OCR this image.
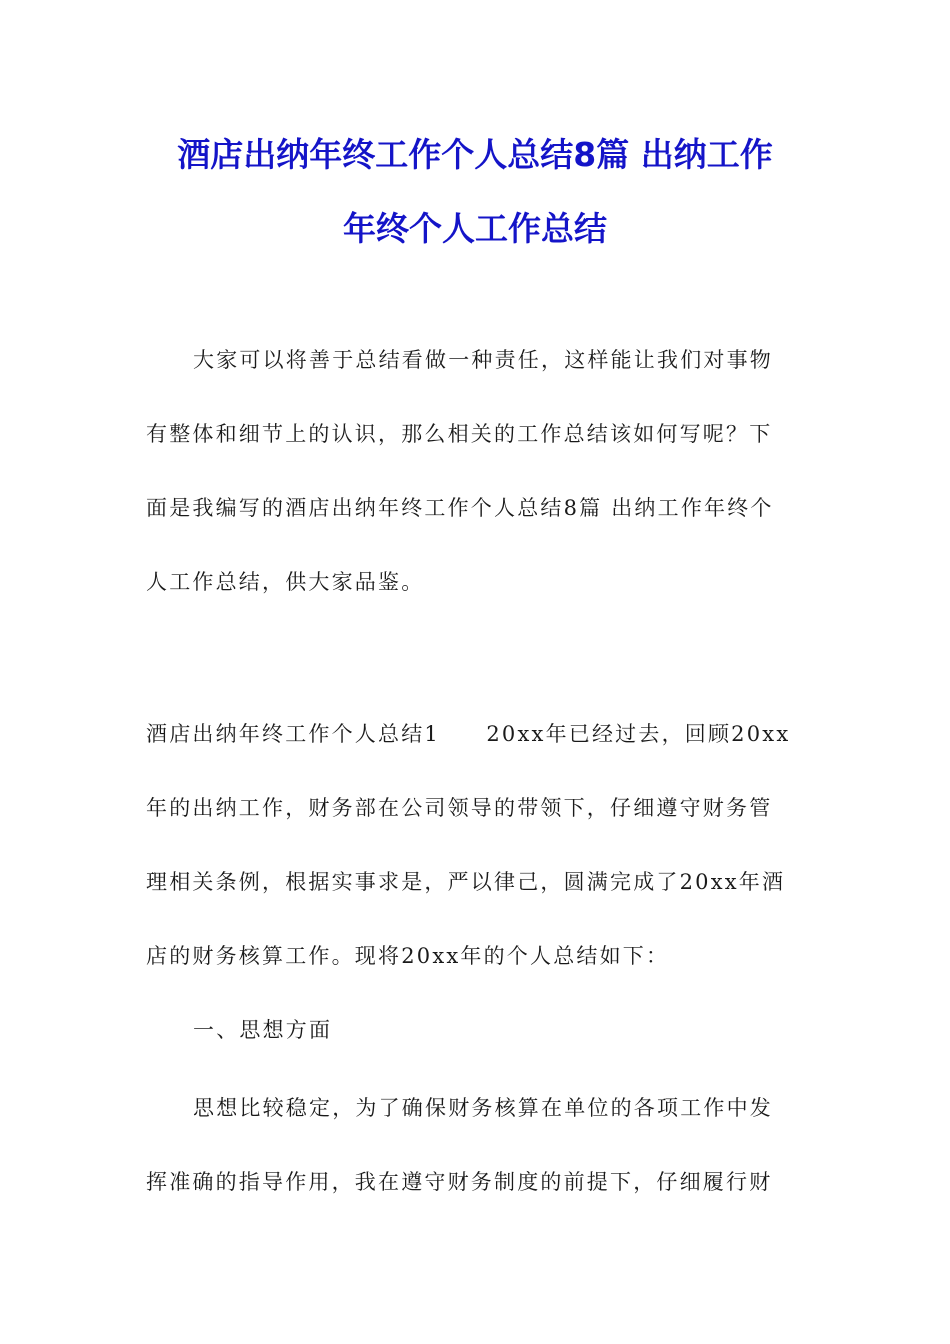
酒店出纳年终工作个人总结8篇 出纳工作
年终个人工作总结

大家可以将善于总结看做一种责任，这样能让我们对事物
有整体和细节上的认识，那么相关的工作总结该如何写呢？下
面是我编写的酒店出纳年终工作个人总结8篇 出纳工作年终个
人工作总结，供大家品鉴。

酒店出纳年终工作个人总结1　　20xx年已经过去，回顾20xx
年的出纳工作，财务部在公司领导的带领下，仔细遵守财务管
理相关条例，根据实事求是，严以律己，圆满完成了20xx年酒
店的财务核算工作。现将20xx年的个人总结如下：

一、思想方面

思想比较稳定，为了确保财务核算在单位的各项工作中发
挥准确的指导作用，我在遵守财务制度的前提下，仔细履行财
